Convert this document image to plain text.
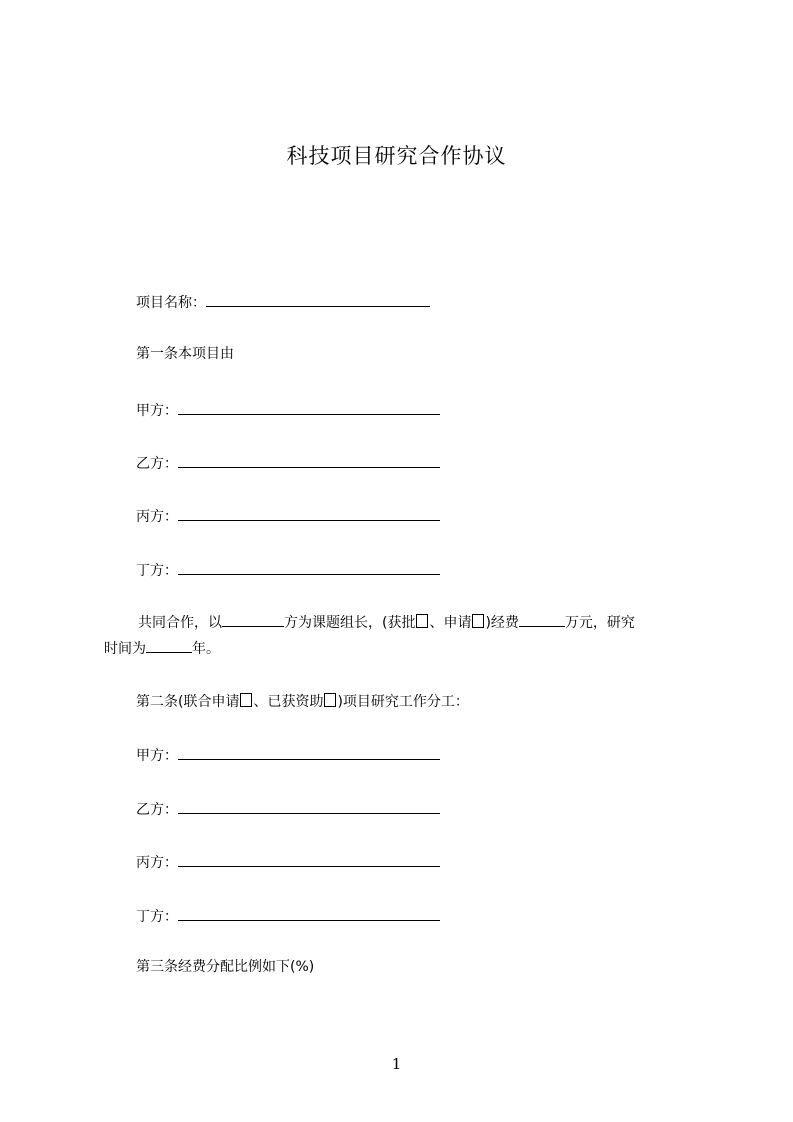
科技项目研究合作协议
项目名称：
第一条本项目由
甲方：
乙方：
丙方：
丁方：
共同合作，以	方为课题组长，(获批 、申请 )经费	万元，研究
时间为	年。
第二条(联合申请 、已获资助 )项目研究工作分工：
甲方：
乙方：
丙方：
丁方：
第三条经费分配比例如下(%)
1
